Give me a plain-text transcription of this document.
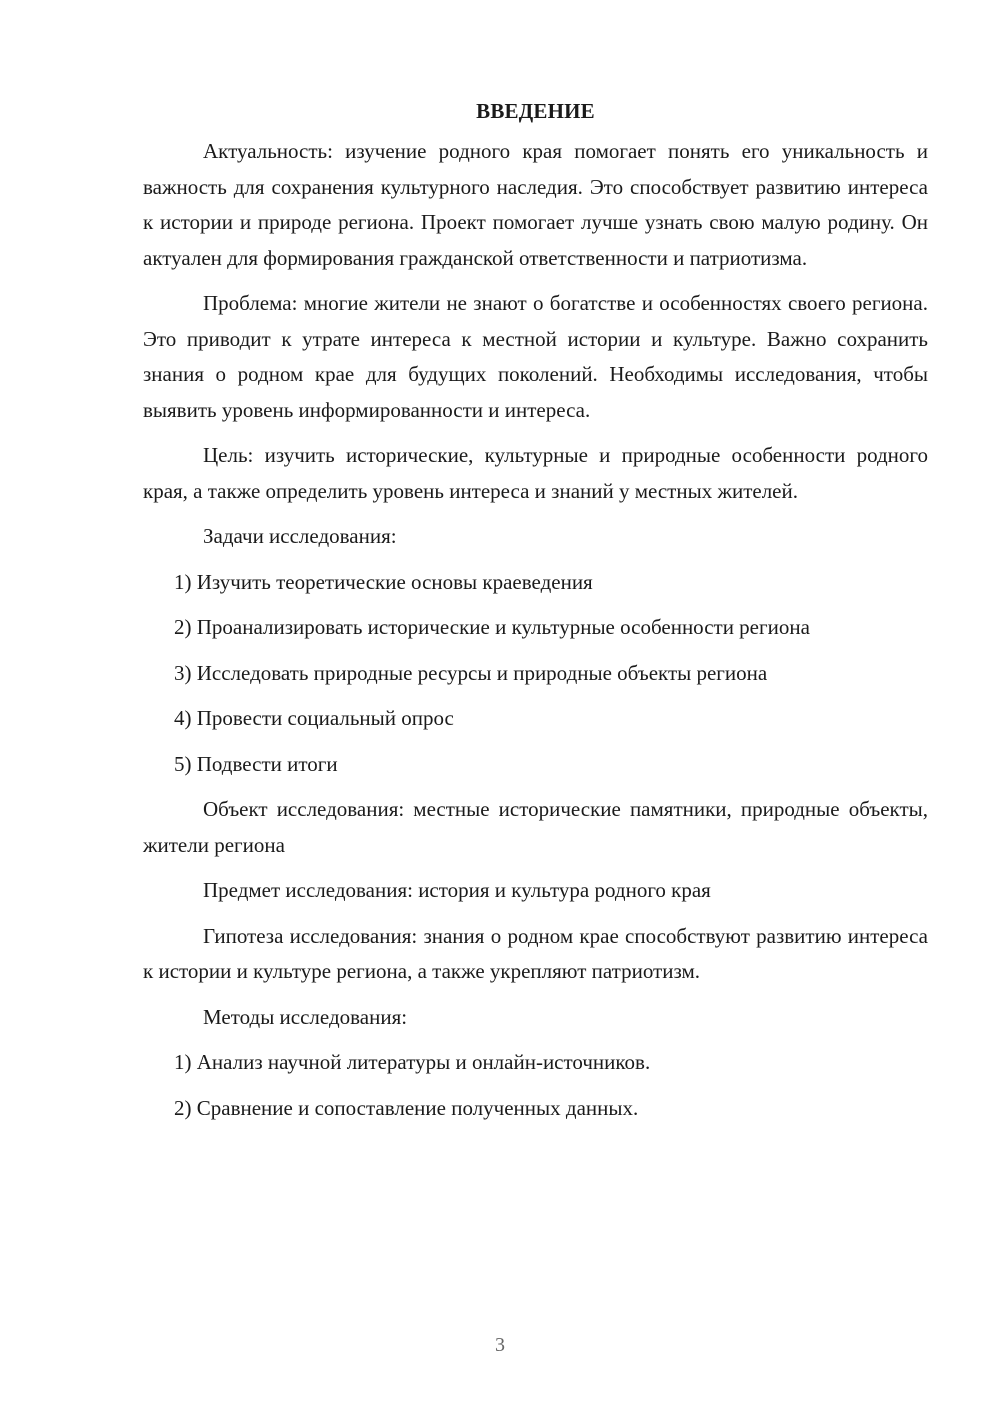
ВВЕДЕНИЕ

Актуальность: изучение родного края помогает понять его уникальность и важность для сохранения культурного наследия. Это способствует развитию интереса к истории и природе региона. Проект помогает лучше узнать свою малую родину. Он актуален для формирования гражданской ответственности и патриотизма.

Проблема: многие жители не знают о богатстве и особенностях своего региона. Это приводит к утрате интереса к местной истории и культуре. Важно сохранить знания о родном крае для будущих поколений. Необходимы исследования, чтобы выявить уровень информированности и интереса.

Цель: изучить исторические, культурные и природные особенности родного края, а также определить уровень интереса и знаний у местных жителей.

Задачи исследования:

1) Изучить теоретические основы краеведения

2) Проанализировать исторические и культурные особенности региона

3) Исследовать природные ресурсы и природные объекты региона

4) Провести социальный опрос

5) Подвести итоги

Объект исследования: местные исторические памятники, природные объекты, жители региона

Предмет исследования: история и культура родного края

Гипотеза исследования: знания о родном крае способствуют развитию интереса к истории и культуре региона, а также укрепляют патриотизм.

Методы исследования:

1) Анализ научной литературы и онлайн-источников.

2) Сравнение и сопоставление полученных данных.

3
